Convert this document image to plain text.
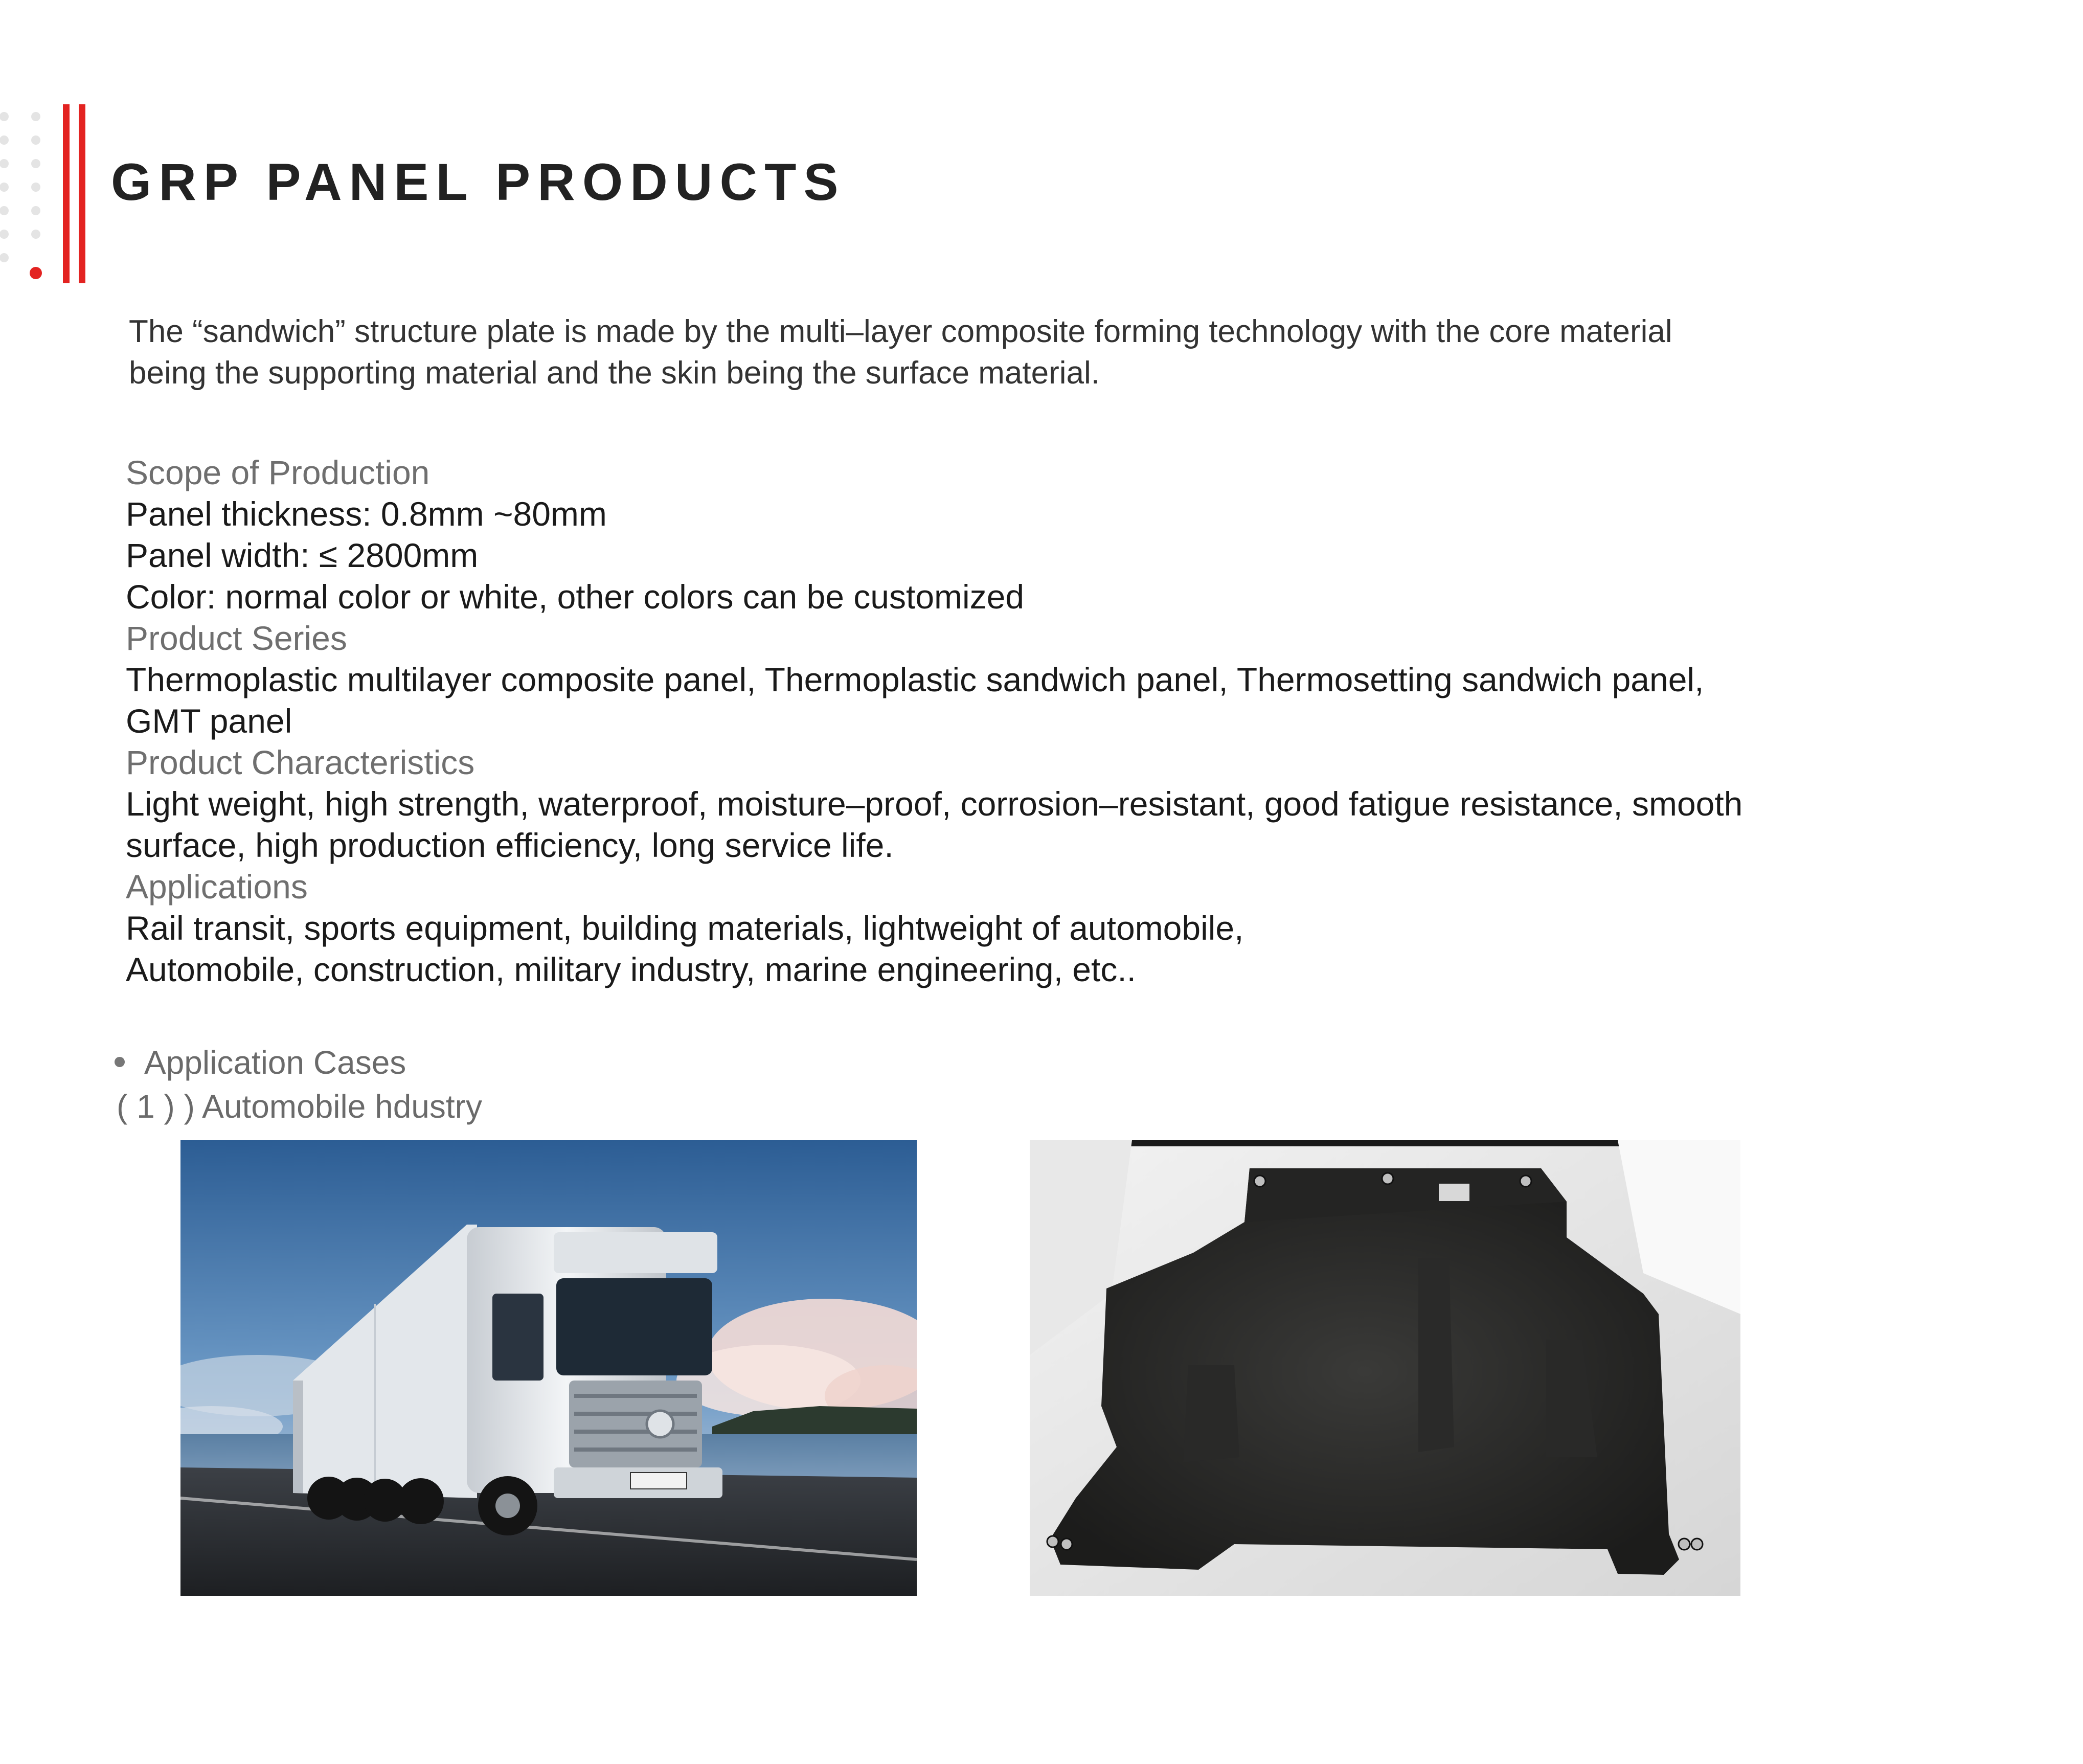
GRP PANEL PRODUCTS

The “sandwich” structure plate is made by the multi–layer composite forming technology with the core material
being the supporting material and the skin being the surface material.

Scope of Production
Panel thickness: 0.8mm ~80mm
Panel width: ≤ 2800mm
Color: normal color or white, other colors can be customized
Product Series
Thermoplastic multilayer composite panel, Thermoplastic sandwich panel, Thermosetting sandwich panel,
GMT panel
Product Characteristics
Light weight, high strength, waterproof, moisture–proof, corrosion–resistant, good fatigue resistance, smooth
surface, high production efficiency, long service life.
Applications
Rail transit, sports equipment, building materials, lightweight of automobile,
Automobile, construction, military industry, marine engineering, etc..
Application Cases
( 1 ) ) Automobile hdustry
